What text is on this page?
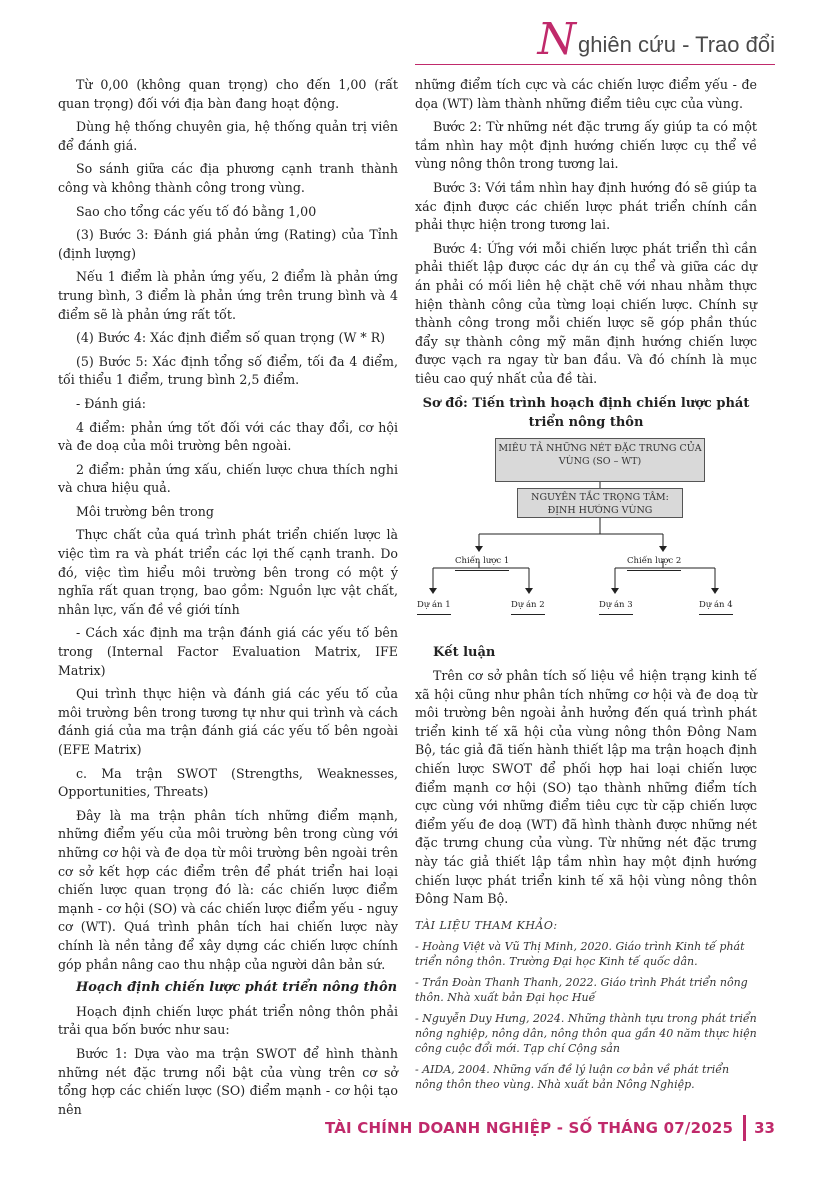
N ghiên cứu - Trao đổi

Từ 0,00 (không quan trọng) cho đến 1,00 (rất quan trọng) đối với địa bàn đang hoạt động.

Dùng hệ thống chuyên gia, hệ thống quản trị viên để đánh giá.

So sánh giữa các địa phương cạnh tranh thành công và không thành công trong vùng.

Sao cho tổng các yếu tố đó bằng 1,00

(3) Bước 3: Đánh giá phản ứng (Rating) của Tỉnh (định lượng)

Nếu 1 điểm là phản ứng yếu, 2 điểm là phản ứng trung bình, 3 điểm là phản ứng trên trung bình và 4 điểm sẽ là phản ứng rất tốt.

(4) Bước 4: Xác định điểm số quan trọng (W * R)

(5) Bước 5: Xác định tổng số điểm, tối đa 4 điểm, tối thiểu 1 điểm, trung bình 2,5 điểm.

- Đánh giá:

4 điểm: phản ứng tốt đối với các thay đổi, cơ hội và đe doạ của môi trường bên ngoài.

2 điểm: phản ứng xấu, chiến lược chưa thích nghi và chưa hiệu quả.

Môi trường bên trong

Thực chất của quá trình phát triển chiến lược là việc tìm ra và phát triển các lợi thế cạnh tranh. Do đó, việc tìm hiểu môi trường bên trong có một ý nghĩa rất quan trọng, bao gồm: Nguồn lực vật chất, nhân lực, vấn đề về giới tính

- Cách xác định ma trận đánh giá các yếu tố bên trong (Internal Factor Evaluation Matrix, IFE Matrix)

Qui trình thực hiện và đánh giá các yếu tố của môi trường bên trong tương tự như qui trình và cách đánh giá của ma trận đánh giá các yếu tố bên ngoài (EFE Matrix)

c. Ma trận SWOT (Strengths, Weaknesses, Opportunities, Threats)

Đây là ma trận phân tích những điểm mạnh, những điểm yếu của môi trường bên trong cùng với những cơ hội và đe dọa từ môi trường bên ngoài trên cơ sở kết hợp các điểm trên để phát triển hai loại chiến lược quan trọng đó là: các chiến lược điểm mạnh - cơ hội (SO) và các chiến lược điểm yếu - nguy cơ (WT). Quá trình phân tích hai chiến lược này chính là nền tảng để xây dựng các chiến lược chính góp phần nâng cao thu nhập của người dân bản sứ.

Hoạch định chiến lược phát triển nông thôn

Hoạch định chiến lược phát triển nông thôn phải trải qua bốn bước như sau:

Bước 1: Dựa vào ma trận SWOT để hình thành những nét đặc trưng nổi bật của vùng trên cơ sở tổng hợp các chiến lược (SO) điểm mạnh - cơ hội tạo nên

những điểm tích cực và các chiến lược điểm yếu - đe dọa (WT) làm thành những điểm tiêu cực của vùng.

Bước 2: Từ những nét đặc trưng ấy giúp ta có một tầm nhìn hay một định hướng chiến lược cụ thể về vùng nông thôn trong tương lai.

Bước 3: Với tầm nhìn hay định hướng đó sẽ giúp ta xác định được các chiến lược phát triển chính cần phải thực hiện trong tương lai.

Bước 4: Ứng với mỗi chiến lược phát triển thì cần phải thiết lập được các dự án cụ thể và giữa các dự án phải có mối liên hệ chặt chẽ với nhau nhằm thực hiện thành công của từng loại chiến lược. Chính sự thành công trong mỗi chiến lược sẽ góp phần thúc đẩy sự thành công mỹ mãn định hướng chiến lược được vạch ra ngay từ ban đầu. Và đó chính là mục tiêu cao quý nhất của đề tài.

Sơ đồ: Tiến trình hoạch định chiến lược phát triển nông thôn
MIÊU TẢ NHỮNG NÉT ĐẶC TRƯNG CỦA VÙNG (SO – WT)
NGUYÊN TẮC TRỌNG TÂM: ĐỊNH HƯỚNG VÙNG
Chiến lược 1	Chiến lược 2
Dự án 1	Dự án 2	Dự án 3	Dự án 4
Kết luận

Trên cơ sở phân tích số liệu về hiện trạng kinh tế xã hội cũng như phân tích những cơ hội và đe doạ từ môi trường bên ngoài ảnh hưởng đến quá trình phát triển kinh tế xã hội của vùng nông thôn Đông Nam Bộ, tác giả đã tiến hành thiết lập ma trận hoạch định chiến lược SWOT để phối hợp hai loại chiến lược điểm mạnh cơ hội (SO) tạo thành những điểm tích cực cùng với những điểm tiêu cực từ cặp chiến lược điểm yếu đe doạ (WT) đã hình thành được những nét đặc trưng chung của vùng. Từ những nét đặc trưng này tác giả thiết lập tầm nhìn hay một định hướng chiến lược phát triển kinh tế xã hội vùng nông thôn Đông Nam Bộ.

TÀI LIỆU THAM KHẢO:
- Hoàng Việt và Vũ Thị Minh, 2020. Giáo trình Kinh tế phát triển nông thôn. Trường Đại học Kinh tế quốc dân.
- Trần Đoàn Thanh Thanh, 2022. Giáo trình Phát triển nông thôn. Nhà xuất bản Đại học Huế
- Nguyễn Duy Hưng, 2024. Những thành tựu trong phát triển nông nghiệp, nông dân, nông thôn qua gần 40 năm thực hiện công cuộc đổi mới. Tạp chí Cộng sản
- AIDA, 2004. Những vấn đề lý luận cơ bản về phát triển nông thôn theo vùng. Nhà xuất bản Nông Nghiệp.
TÀI CHÍNH DOANH NGHIỆP - SỐ THÁNG 07/2025 33
